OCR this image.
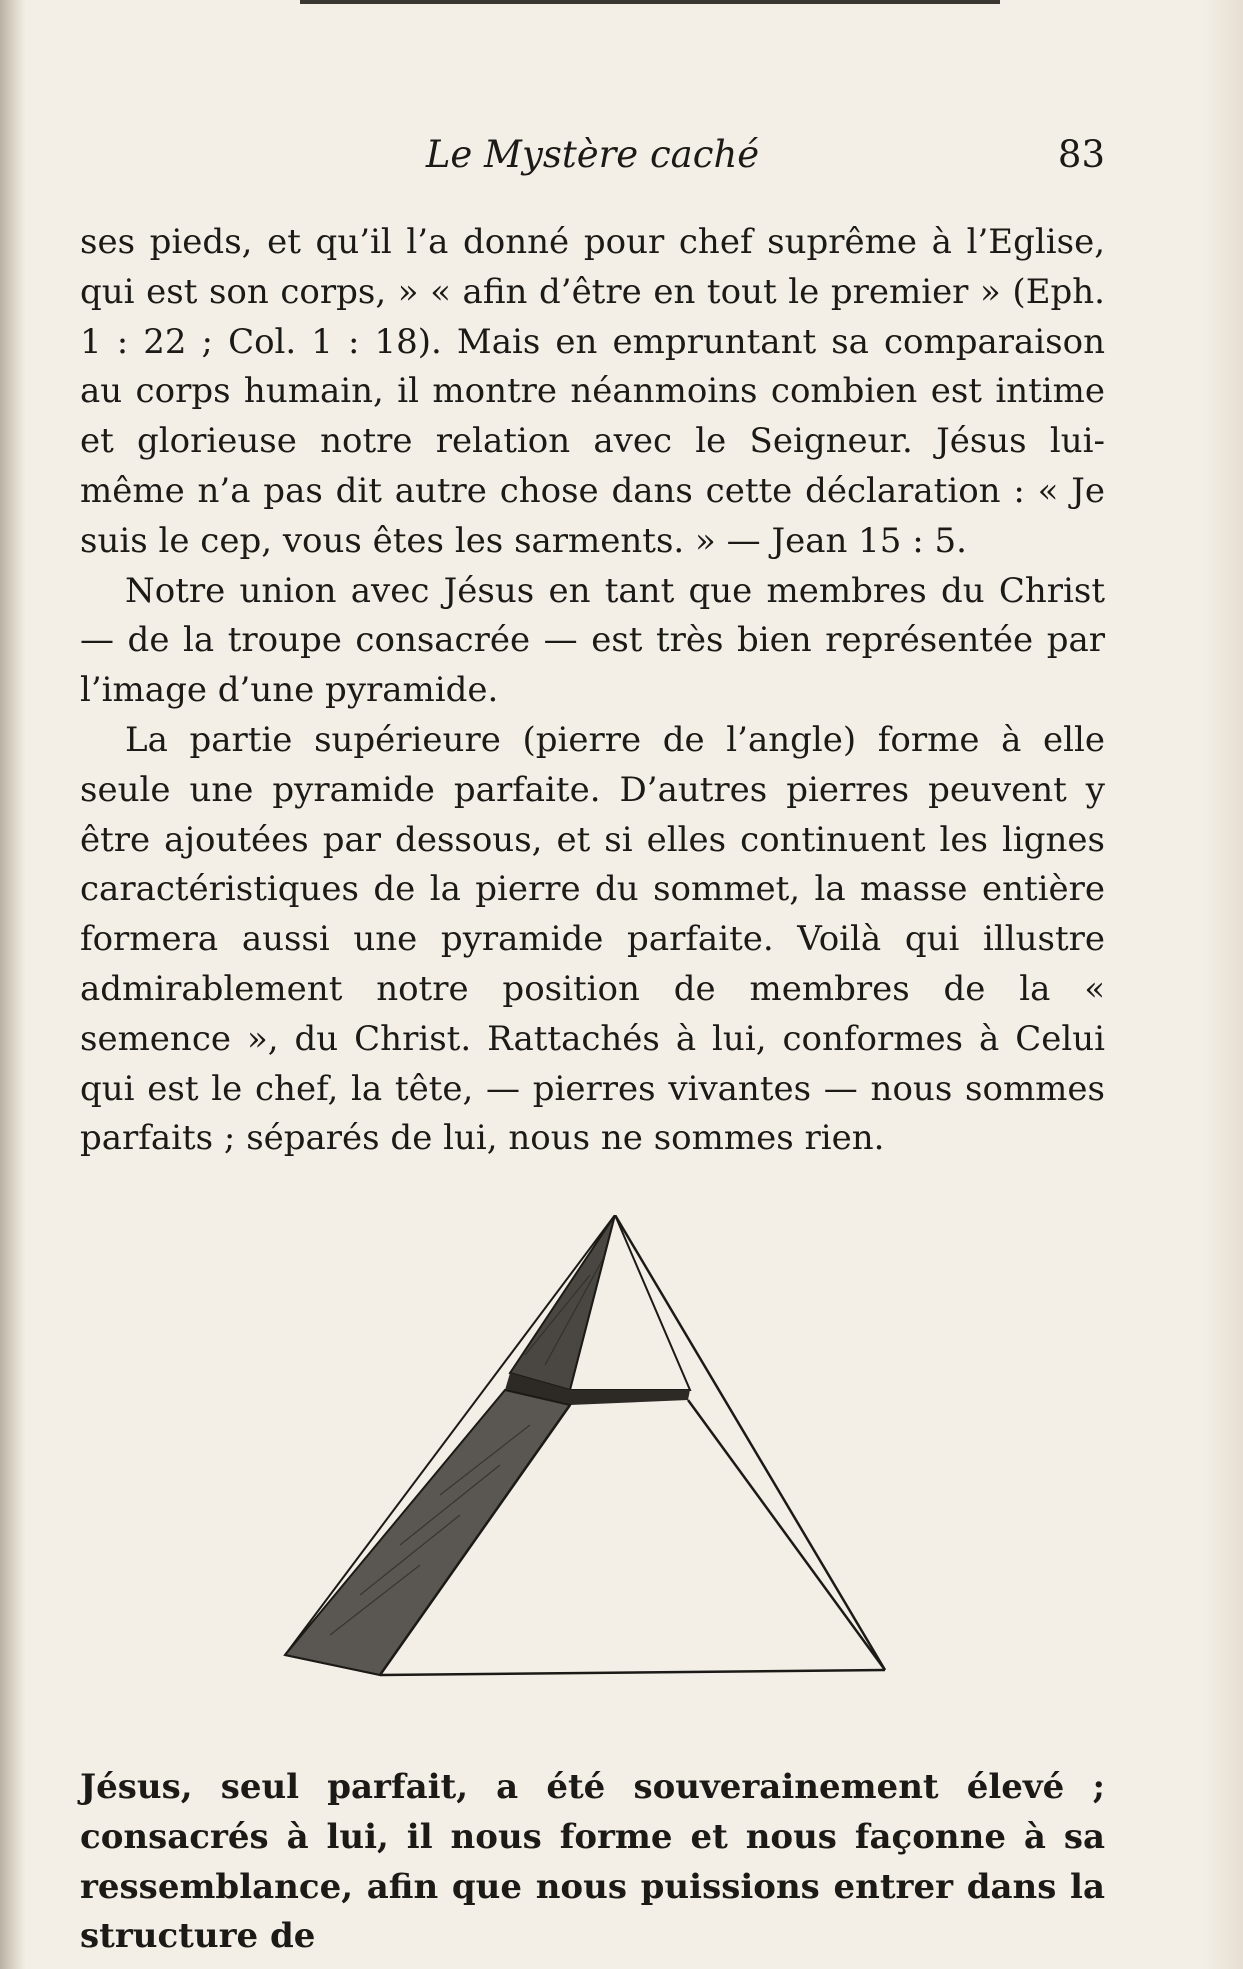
Le Mystère caché	83

ses pieds, et qu’il l’a donné pour chef suprême à l’Eglise, qui est son corps, » « afin d’être en tout le premier » (Eph. 1 : 22 ; Col. 1 : 18). Mais en empruntant sa comparaison au corps humain, il montre néanmoins combien est intime et glorieuse notre relation avec le Seigneur. Jésus lui-même n’a pas dit autre chose dans cette déclaration : « Je suis le cep, vous êtes les sarments. » — Jean 15 : 5.

Notre union avec Jésus en tant que membres du Christ — de la troupe consacrée — est très bien représentée par l’image d’une pyramide.

La partie supérieure (pierre de l’angle) forme à elle seule une pyramide parfaite. D’autres pierres peuvent y être ajoutées par dessous, et si elles continuent les lignes caractéristiques de la pierre du sommet, la masse entière formera aussi une pyramide parfaite. Voilà qui illustre admirablement notre position de membres de la « semence », du Christ. Rattachés à lui, conformes à Celui qui est le chef, la tête, — pierres vivantes — nous sommes parfaits ; séparés de lui, nous ne sommes rien.

Jésus, seul parfait, a été souverainement élevé ; consacrés à lui, il nous forme et nous façonne à sa ressemblance, afin que nous puissions entrer dans la structure de
